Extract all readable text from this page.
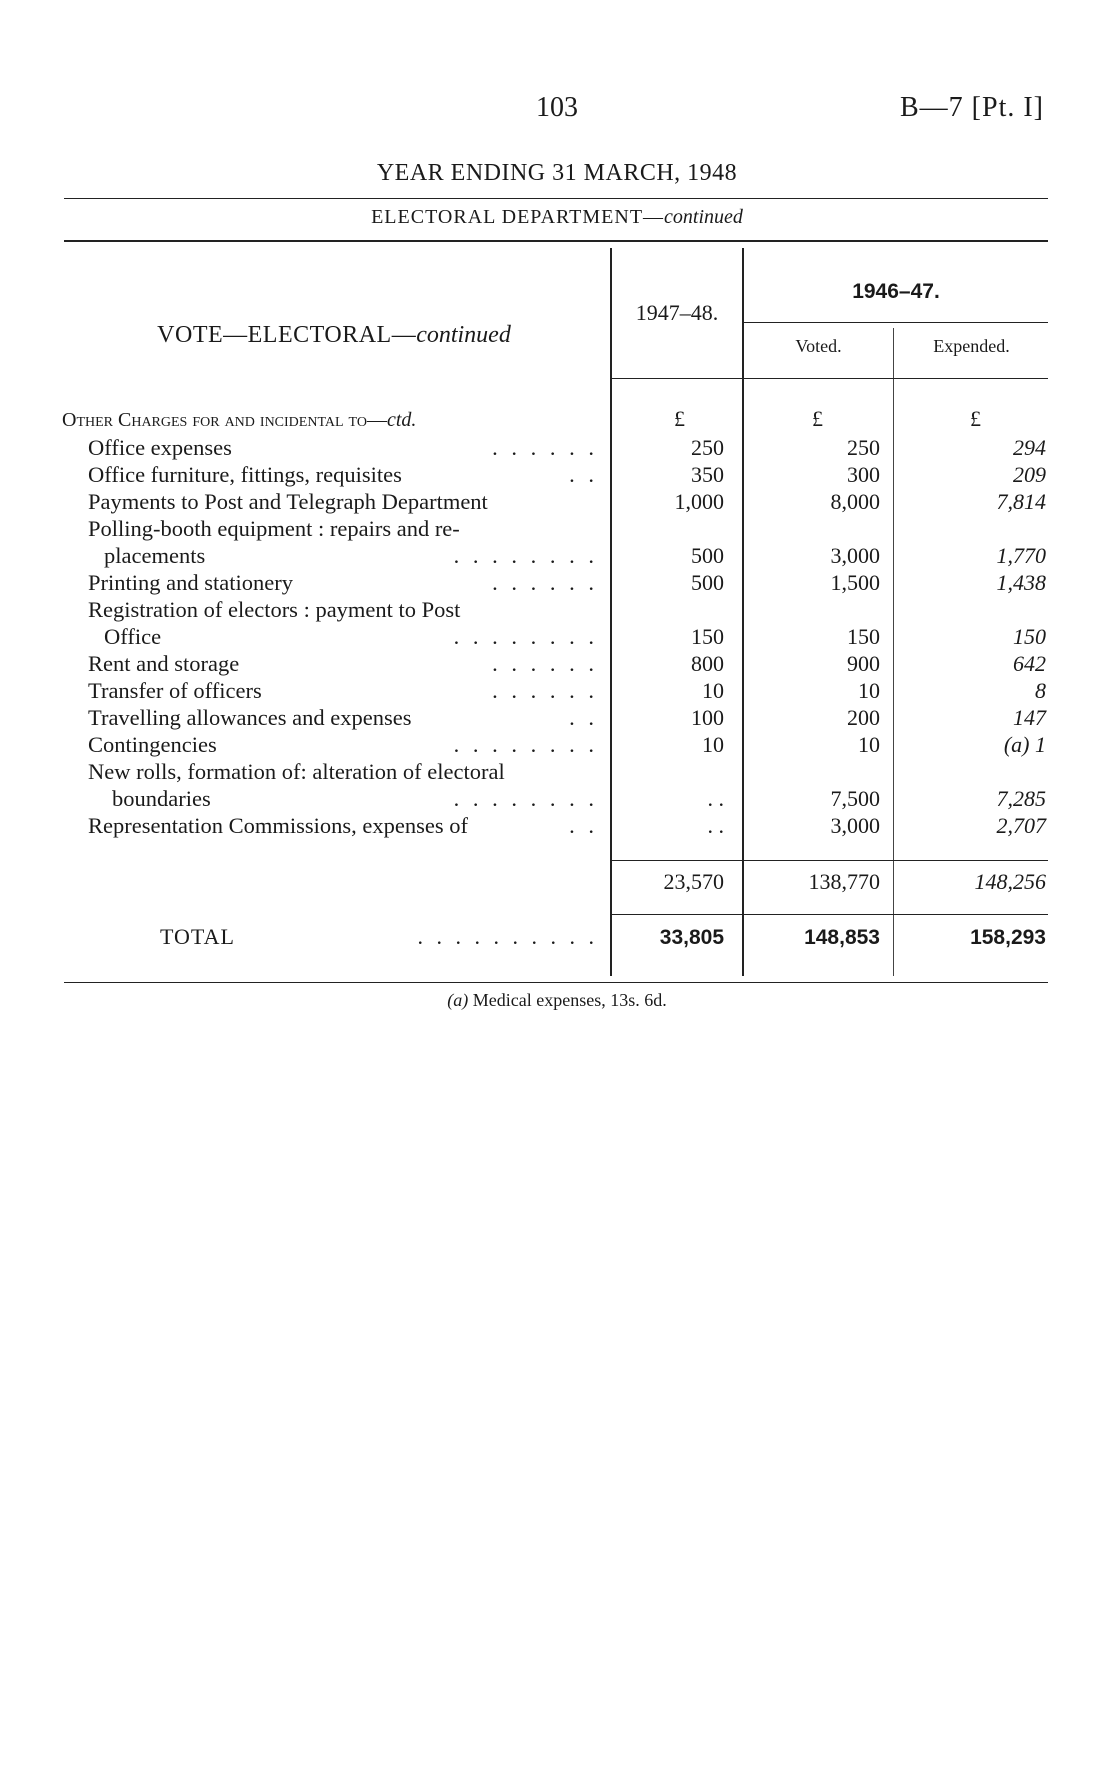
103	B—7 [Pt. I]
YEAR ENDING 31 MARCH, 1948
ELECTORAL DEPARTMENT—continued
VOTE—ELECTORAL—continued
1947–48.
1946–47.
Voted.	Expended.
£	£	£
Other Charges for and incidental to—ctd.
Office expenses	. . . . . .	250	250	294
Office furniture, fittings, requisites	. .	350	300	209
Payments to Post and Telegraph Department	1,000	8,000	7,814
Polling-booth equipment : repairs and re-
placements	. . . . . . . .	500	3,000	1,770
Printing and stationery	. . . . . .	500	1,500	1,438
Registration of electors : payment to Post
Office	. . . . . . . .	150	150	150
Rent and storage	. . . . . .	800	900	642
Transfer of officers	. . . . . .	10	10	8
Travelling allowances and expenses	. .	100	200	147
Contingencies	. . . . . . . .	10	10	(a) 1
New rolls, formation of: alteration of electoral
boundaries	. . . . . . . .	. .	7,500	7,285
Representation Commissions, expenses of	. .	. .	3,000	2,707
23,570	138,770	148,256
TOTAL	. . . . . . . . . .	33,805	148,853	158,293
(a) Medical expenses, 13s. 6d.
